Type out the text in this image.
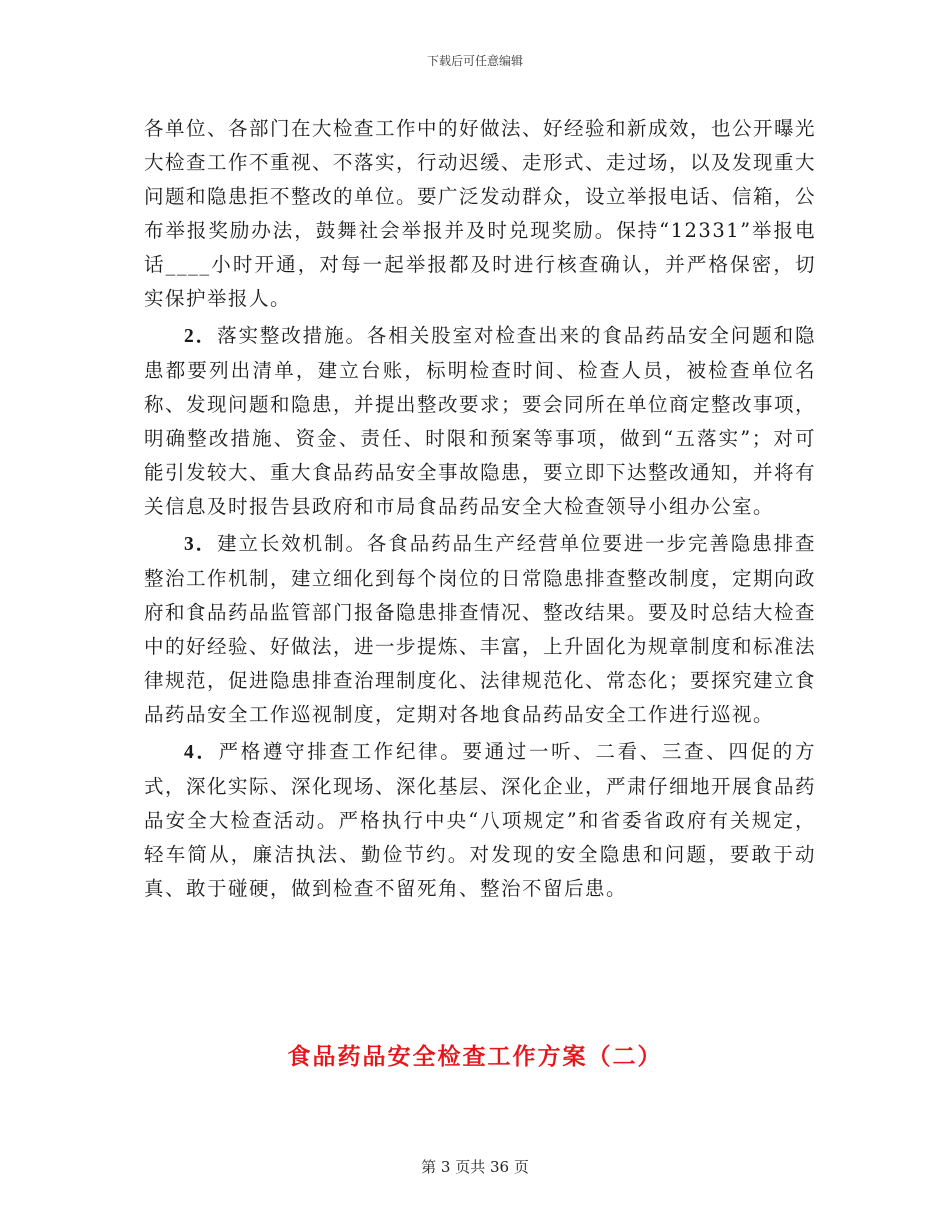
下载后可任意编辑

各单位、各部门在大检查工作中的好做法、好经验和新成效，也公开曝光大检查工作不重视、不落实，行动迟缓、走形式、走过场，以及发现重大问题和隐患拒不整改的单位。要广泛发动群众，设立举报电话、信箱，公布举报奖励办法，鼓舞社会举报并及时兑现奖励。保持“12331”举报电话____小时开通，对每一起举报都及时进行核查确认，并严格保密，切实保护举报人。

2．落实整改措施。各相关股室对检查出来的食品药品安全问题和隐患都要列出清单，建立台账，标明检查时间、检查人员，被检查单位名称、发现问题和隐患，并提出整改要求；要会同所在单位商定整改事项，明确整改措施、资金、责任、时限和预案等事项，做到“五落实”；对可能引发较大、重大食品药品安全事故隐患，要立即下达整改通知，并将有关信息及时报告县政府和市局食品药品安全大检查领导小组办公室。

3．建立长效机制。各食品药品生产经营单位要进一步完善隐患排查整治工作机制，建立细化到每个岗位的日常隐患排查整改制度，定期向政府和食品药品监管部门报备隐患排查情况、整改结果。要及时总结大检查中的好经验、好做法，进一步提炼、丰富，上升固化为规章制度和标准法律规范，促进隐患排查治理制度化、法律规范化、常态化；要探究建立食品药品安全工作巡视制度，定期对各地食品药品安全工作进行巡视。

4．严格遵守排查工作纪律。要通过一听、二看、三查、四促的方式，深化实际、深化现场、深化基层、深化企业，严肃仔细地开展食品药品安全大检查活动。严格执行中央“八项规定”和省委省政府有关规定，轻车简从，廉洁执法、勤俭节约。对发现的安全隐患和问题，要敢于动真、敢于碰硬，做到检查不留死角、整治不留后患。

食品药品安全检查工作方案（二）
第 3 页共 36 页
